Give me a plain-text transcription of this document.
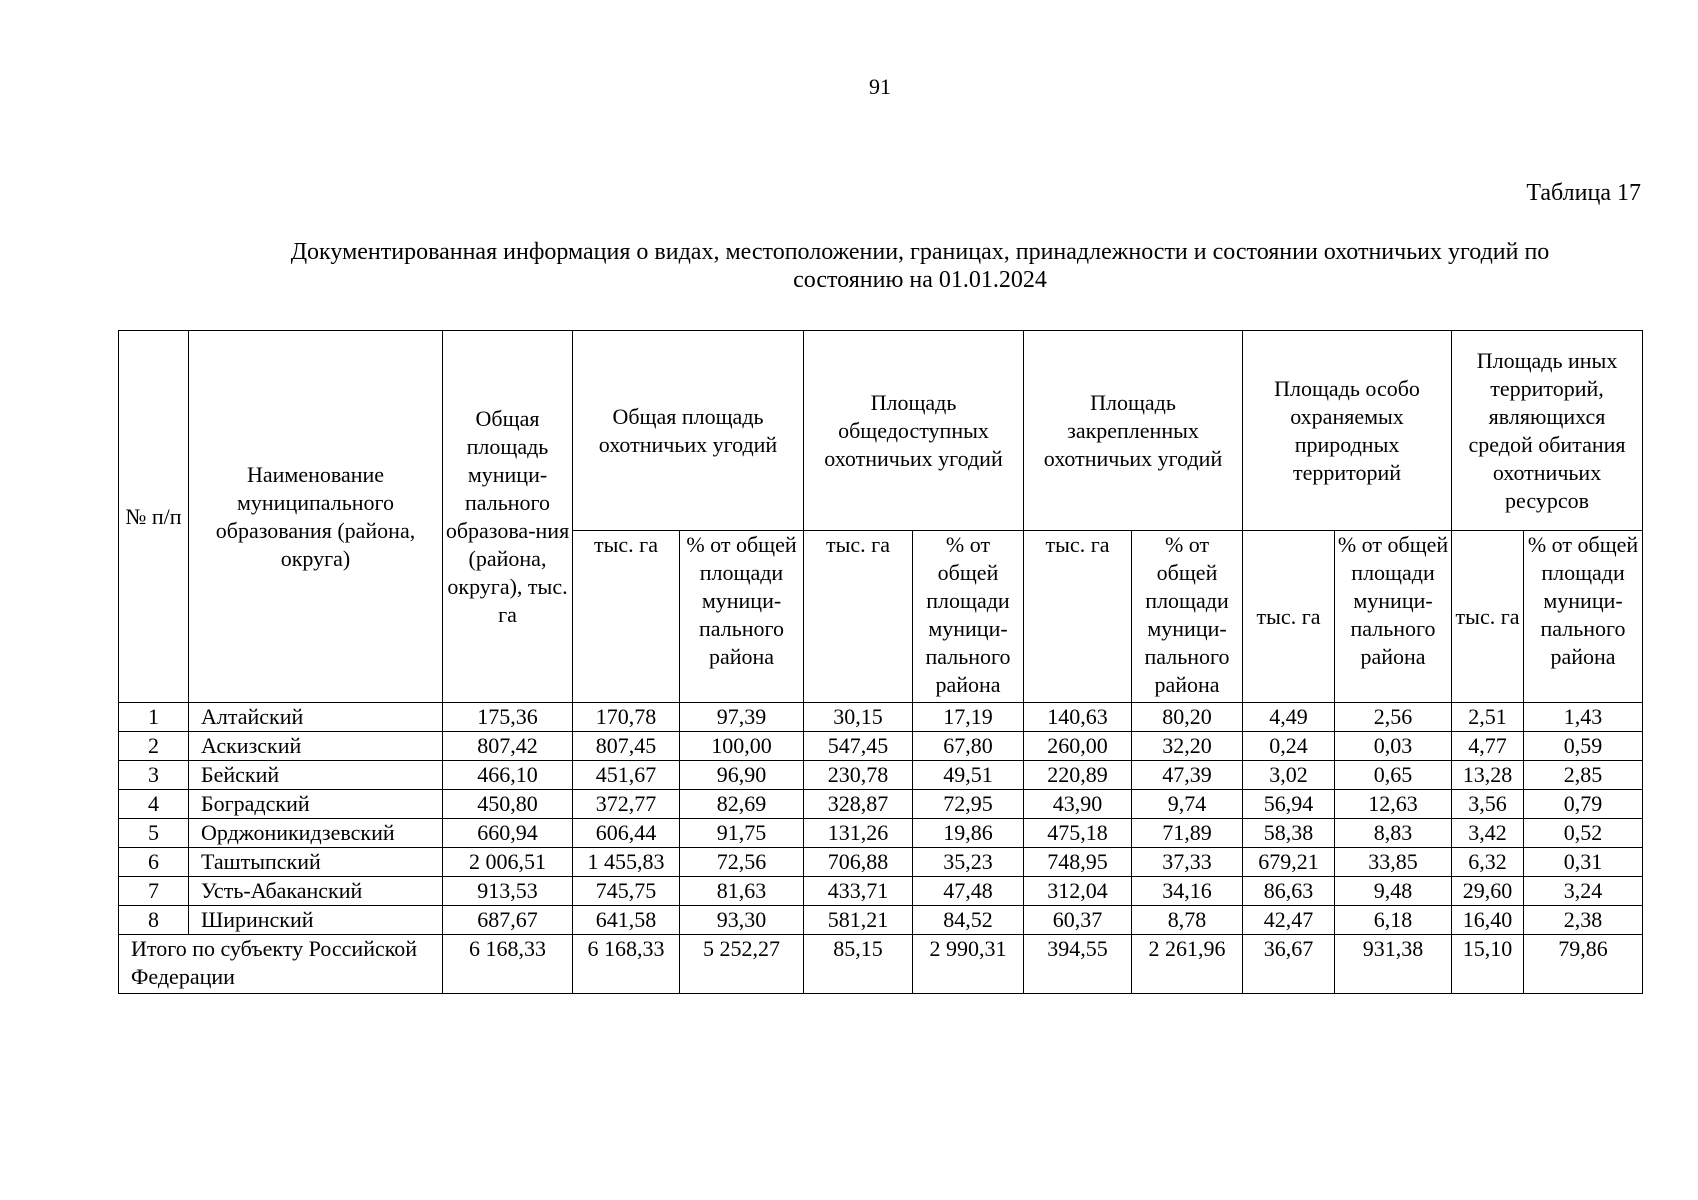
91
Таблица 17
Документированная информация о видах, местоположении, границах, принадлежности и состоянии охотничьих угодий по
состоянию на 01.01.2024
№ п/п	Наименование муниципального образования (района, округа)	Общая площадь муници-пального образова-ния (района, округа), тыс. га	Общая площадь охотничьих угодий		Площадь общедоступных охотничьих угодий		Площадь закрепленных охотничьих угодий		Площадь особо охраняемых природных территорий		Площадь иных территорий, являющихся средой обитания охотничьих ресурсов	
			тыс. га	% от общей площади муници-пального района	тыс. га	% от общей площади муници-пального района	тыс. га	% от общей площади муници-пального района	тыс. га	% от общей площади муници-пального района	тыс. га	% от общей площади муници-пального района
1	Алтайский	175,36	170,78	97,39	30,15	17,19	140,63	80,20	4,49	2,56	2,51	1,43
2	Аскизский	807,42	807,45	100,00	547,45	67,80	260,00	32,20	0,24	0,03	4,77	0,59
3	Бейский	466,10	451,67	96,90	230,78	49,51	220,89	47,39	3,02	0,65	13,28	2,85
4	Боградский	450,80	372,77	82,69	328,87	72,95	43,90	9,74	56,94	12,63	3,56	0,79
5	Орджоникидзевский	660,94	606,44	91,75	131,26	19,86	475,18	71,89	58,38	8,83	3,42	0,52
6	Таштыпский	2 006,51	1 455,83	72,56	706,88	35,23	748,95	37,33	679,21	33,85	6,32	0,31
7	Усть-Абаканский	913,53	745,75	81,63	433,71	47,48	312,04	34,16	86,63	9,48	29,60	3,24
8	Ширинский	687,67	641,58	93,30	581,21	84,52	60,37	8,78	42,47	6,18	16,40	2,38
Итого по субъекту Российской Федерации		6 168,33	6 168,33	5 252,27	85,15	2 990,31	394,55	2 261,96	36,67	931,38	15,10	79,86
